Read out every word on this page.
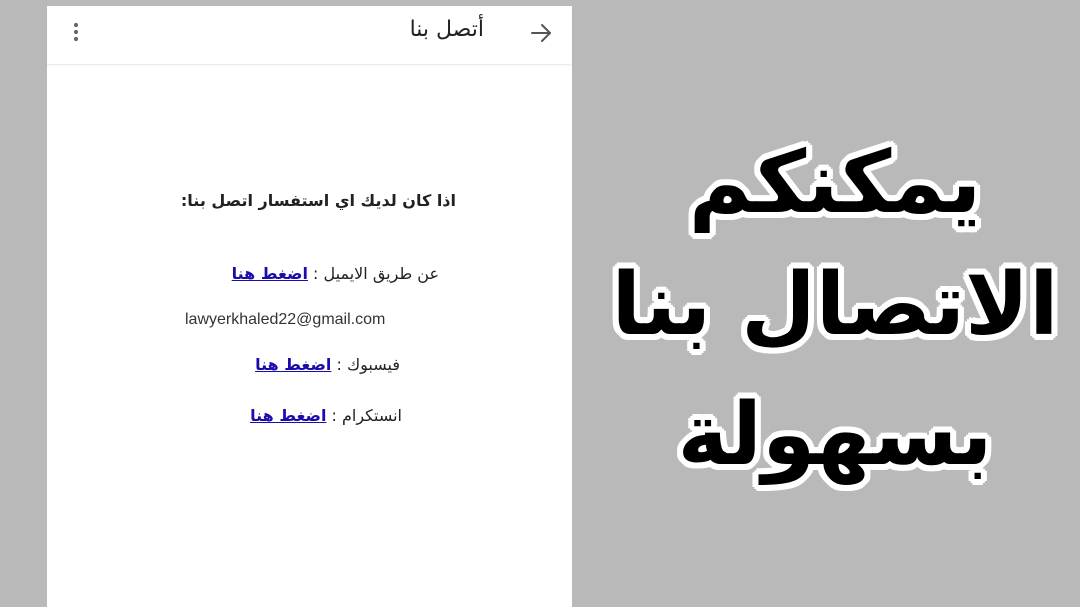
أتصل بنا
اذا كان لديك اي استفسار اتصل بنا:
عن طريق الايميل : اضغط هنا
lawyerkhaled22@gmail.com
فيسبوك : اضغط هنا
انستكرام : اضغط هنا
يمكنكم
الاتصال بنا
بسهولة
